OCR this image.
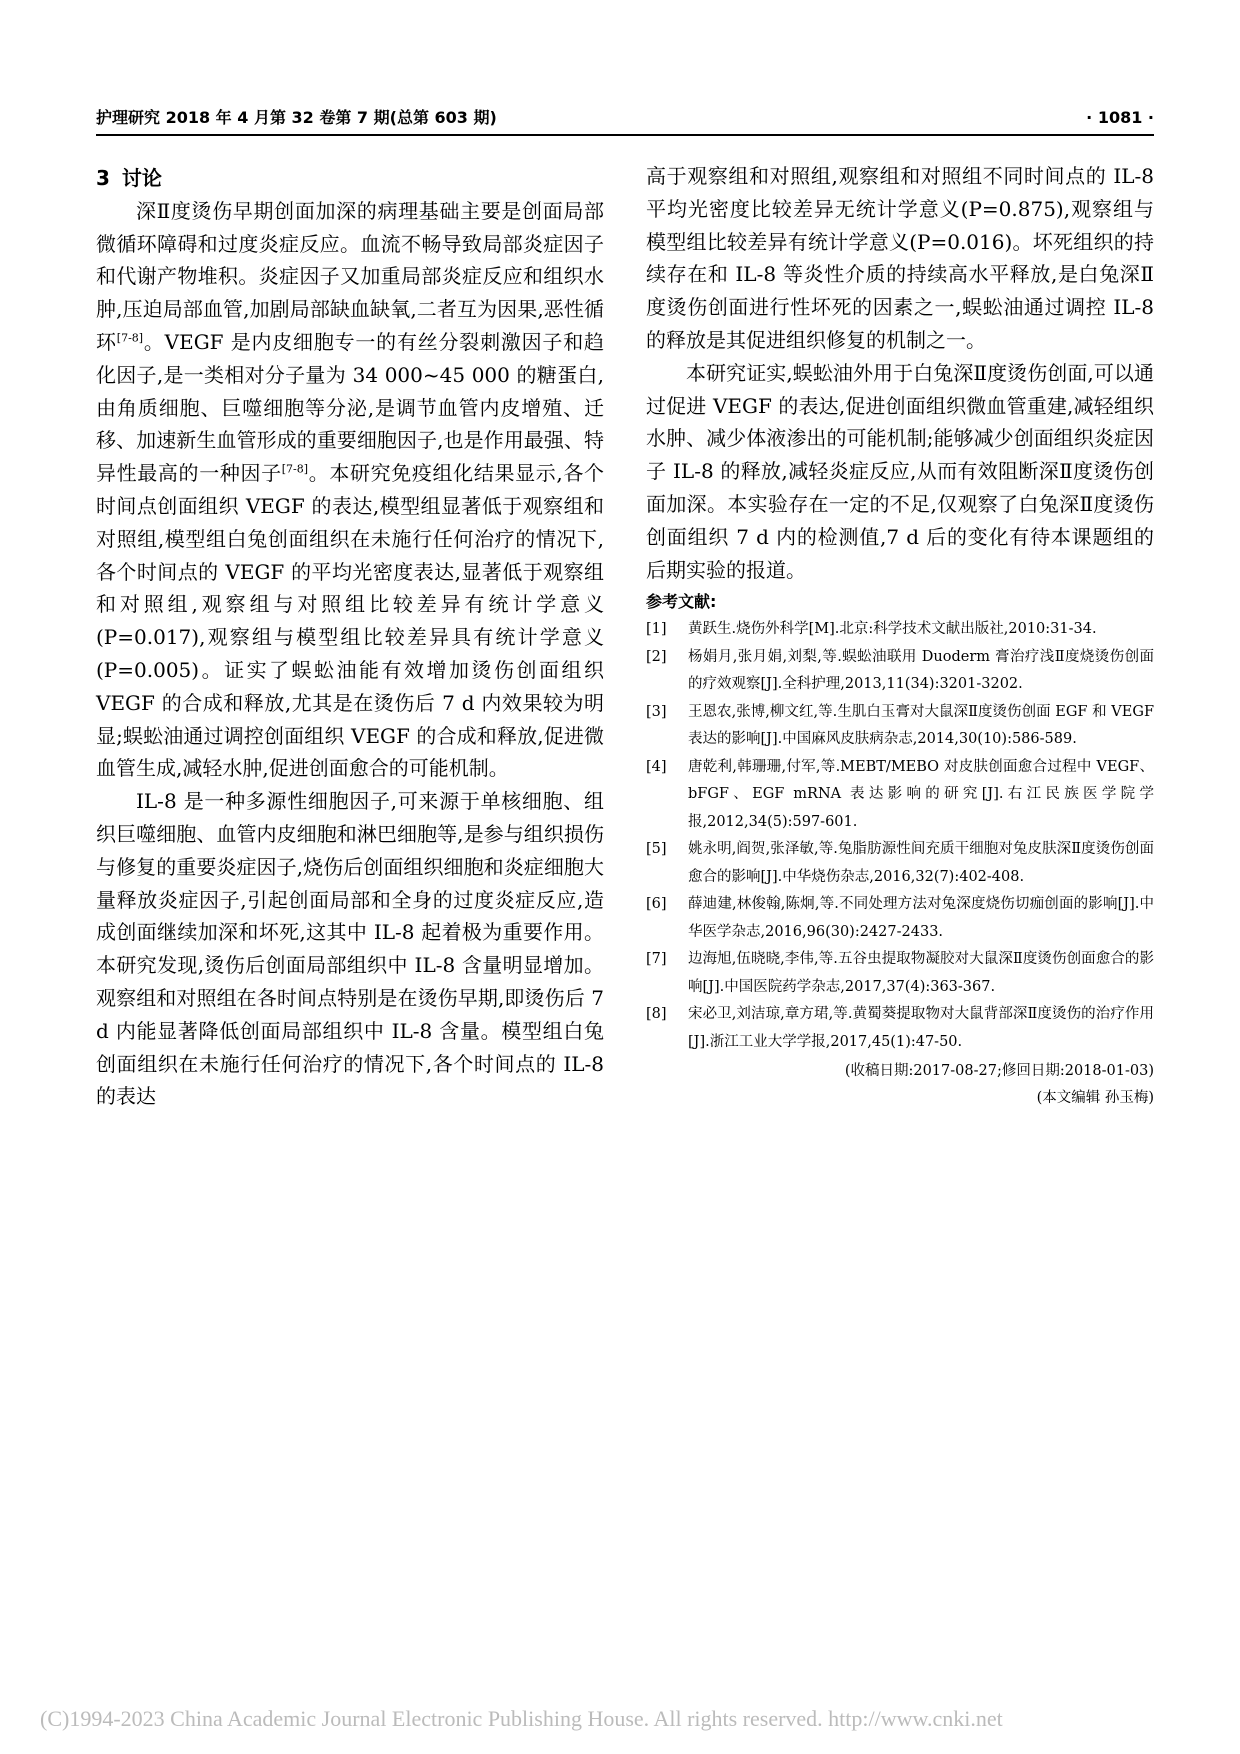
护理研究 2018 年 4 月第 32 卷第 7 期(总第 603 期)	· 1081 ·
3 讨论

深Ⅱ度烫伤早期创面加深的病理基础主要是创面局部微循环障碍和过度炎症反应。血流不畅导致局部炎症因子和代谢产物堆积。炎症因子又加重局部炎症反应和组织水肿,压迫局部血管,加剧局部缺血缺氧,二者互为因果,恶性循环[7-8]。VEGF 是内皮细胞专一的有丝分裂刺激因子和趋化因子,是一类相对分子量为 34 000~45 000 的糖蛋白,由角质细胞、巨噬细胞等分泌,是调节血管内皮增殖、迁移、加速新生血管形成的重要细胞因子,也是作用最强、特异性最高的一种因子[7-8]。本研究免疫组化结果显示,各个时间点创面组织 VEGF 的表达,模型组显著低于观察组和对照组,模型组白兔创面组织在未施行任何治疗的情况下,各个时间点的 VEGF 的平均光密度表达,显著低于观察组和对照组,观察组与对照组比较差异有统计学意义(P=0.017),观察组与模型组比较差异具有统计学意义(P=0.005)。证实了蜈蚣油能有效增加烫伤创面组织 VEGF 的合成和释放,尤其是在烫伤后 7 d 内效果较为明显;蜈蚣油通过调控创面组织 VEGF 的合成和释放,促进微血管生成,减轻水肿,促进创面愈合的可能机制。

IL-8 是一种多源性细胞因子,可来源于单核细胞、组织巨噬细胞、血管内皮细胞和淋巴细胞等,是参与组织损伤与修复的重要炎症因子,烧伤后创面组织细胞和炎症细胞大量释放炎症因子,引起创面局部和全身的过度炎症反应,造成创面继续加深和坏死,这其中 IL-8 起着极为重要作用。本研究发现,烫伤后创面局部组织中 IL-8 含量明显增加。观察组和对照组在各时间点特别是在烫伤早期,即烫伤后 7 d 内能显著降低创面局部组织中 IL-8 含量。模型组白兔创面组织在未施行任何治疗的情况下,各个时间点的 IL-8 的表达

高于观察组和对照组,观察组和对照组不同时间点的 IL-8 平均光密度比较差异无统计学意义(P=0.875),观察组与模型组比较差异有统计学意义(P=0.016)。坏死组织的持续存在和 IL-8 等炎性介质的持续高水平释放,是白兔深Ⅱ度烫伤创面进行性坏死的因素之一,蜈蚣油通过调控 IL-8 的释放是其促进组织修复的机制之一。

本研究证实,蜈蚣油外用于白兔深Ⅱ度烫伤创面,可以通过促进 VEGF 的表达,促进创面组织微血管重建,减轻组织水肿、减少体液渗出的可能机制;能够减少创面组织炎症因子 IL-8 的释放,减轻炎症反应,从而有效阻断深Ⅱ度烫伤创面加深。本实验存在一定的不足,仅观察了白兔深Ⅱ度烫伤创面组织 7 d 内的检测值,7 d 后的变化有待本课题组的后期实验的报道。

参考文献:
[1]	黄跃生.烧伤外科学[M].北京:科学技术文献出版社,2010:31-34.
[2]	杨娟月,张月娟,刘梨,等.蜈蚣油联用 Duoderm 膏治疗浅Ⅱ度烧烫伤创面的疗效观察[J].全科护理,2013,11(34):3201-3202.
[3]	王恩农,张博,柳文红,等.生肌白玉膏对大鼠深Ⅱ度烫伤创面 EGF 和 VEGF 表达的影响[J].中国麻风皮肤病杂志,2014,30(10):586-589.
[4]	唐乾利,韩珊珊,付军,等.MEBT/MEBO 对皮肤创面愈合过程中 VEGF、bFGF、EGF mRNA 表达影响的研究[J].右江民族医学院学报,2012,34(5):597-601.
[5]	姚永明,阎贺,张泽敏,等.兔脂肪源性间充质干细胞对兔皮肤深Ⅱ度烫伤创面愈合的影响[J].中华烧伤杂志,2016,32(7):402-408.
[6]	薛迪建,林俊翰,陈炯,等.不同处理方法对兔深度烧伤切痂创面的影响[J].中华医学杂志,2016,96(30):2427-2433.
[7]	边海旭,伍晓晓,李伟,等.五谷虫提取物凝胶对大鼠深Ⅱ度烫伤创面愈合的影响[J].中国医院药学杂志,2017,37(4):363-367.
[8]	宋必卫,刘洁琼,章方珺,等.黄蜀葵提取物对大鼠背部深Ⅱ度烫伤的治疗作用[J].浙江工业大学学报,2017,45(1):47-50.
(收稿日期:2017-08-27;修回日期:2018-01-03)
(本文编辑 孙玉梅)
(C)1994-2023 China Academic Journal Electronic Publishing House. All rights reserved. http://www.cnki.net
